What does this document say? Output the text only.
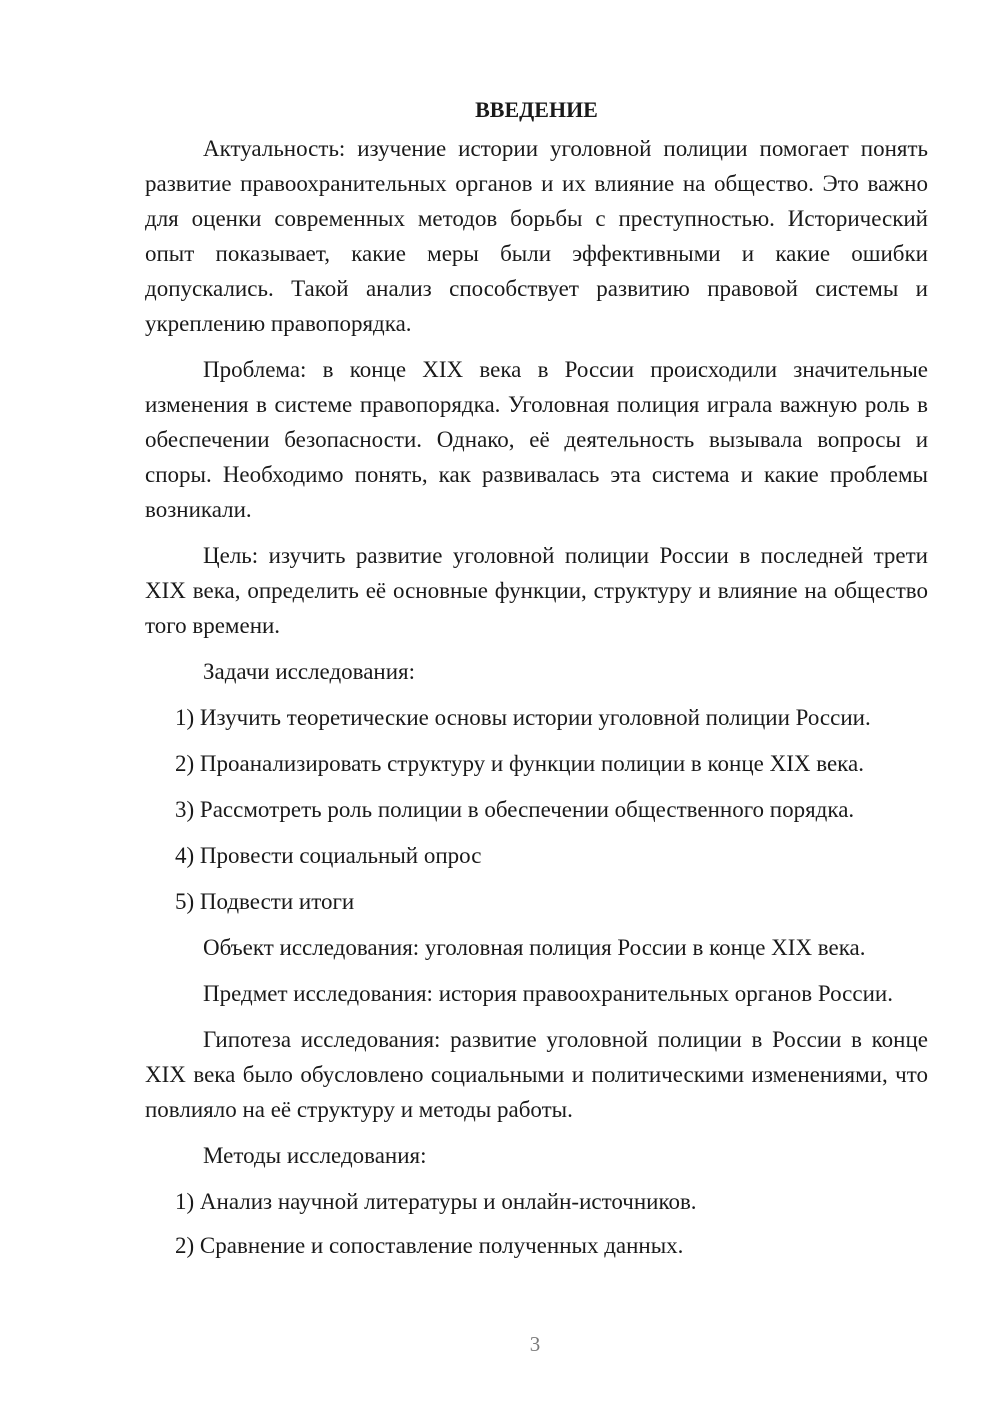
ВВЕДЕНИЕ

Актуальность: изучение истории уголовной полиции помогает понять развитие правоохранительных органов и их влияние на общество. Это важно для оценки современных методов борьбы с преступностью. Исторический опыт показывает, какие меры были эффективными и какие ошибки допускались. Такой анализ способствует развитию правовой системы и укреплению правопорядка.

Проблема: в конце XIX века в России происходили значительные изменения в системе правопорядка. Уголовная полиция играла важную роль в обеспечении безопасности. Однако, её деятельность вызывала вопросы и споры. Необходимо понять, как развивалась эта система и какие проблемы возникали.

Цель: изучить развитие уголовной полиции России в последней трети XIX века, определить её основные функции, структуру и влияние на общество того времени.

Задачи исследования:

1) Изучить теоретические основы истории уголовной полиции России.
2) Проанализировать структуру и функции полиции в конце XIX века.
3) Рассмотреть роль полиции в обеспечении общественного порядка.
4) Провести социальный опрос
5) Подвести итоги

Объект исследования: уголовная полиция России в конце XIX века.

Предмет исследования: история правоохранительных органов России.

Гипотеза исследования: развитие уголовной полиции в России в конце XIX века было обусловлено социальными и политическими изменениями, что повлияло на её структуру и методы работы.

Методы исследования:

1) Анализ научной литературы и онлайн-источников.
2) Сравнение и сопоставление полученных данных.
3
